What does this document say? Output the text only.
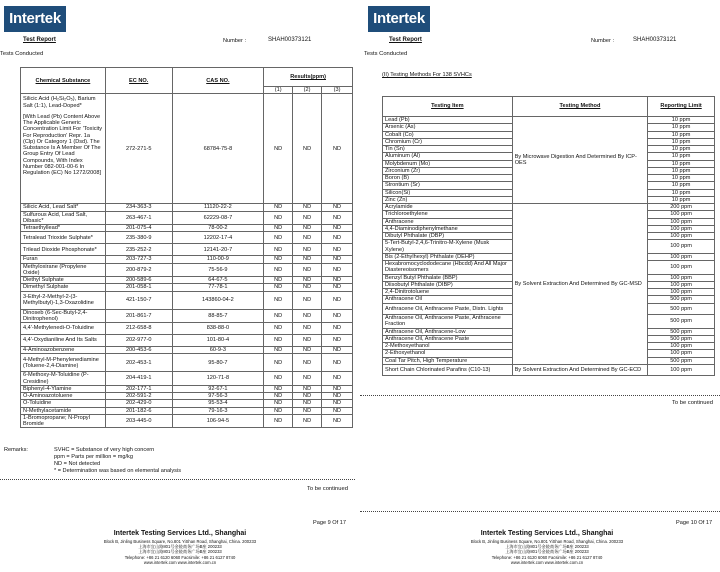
Intertek
Test Report	Number :	SHAH00373121
Tests Conducted
Chemical Substance	EC NO.	CAS NO.	Results(ppm)		
			(1)	(2)	(3)

Silicic Acid (H₂Si₂O₅), Barium Salt (1:1), Lead-Doped*
[With Lead (Pb) Content Above The Applicable Generic Concentration Limit For 'Toxicity For Reproduction' Repr. 1a (Clp) Or Category 1 (Dsd). The Substance Is A Member Of The Group Entry Of Lead Compounds, With Index Number 082-001-00-6 In Regulation (EC) No 1272/2008]	272-271-5	68784-75-8	ND	ND	ND
Silicic Acid, Lead Salt*	234-363-3	11120-22-2	ND	ND	ND
Sulfurous Acid, Lead Salt, Dibasic*	263-467-1	62229-08-7	ND	ND	ND
Tetraethyllead*	201-075-4	78-00-2	ND	ND	ND
Tetralead Trioxide Sulphate*	235-380-9	12202-17-4	ND	ND	ND
Trilead Dioxide Phosphonate*	235-252-2	12141-20-7	ND	ND	ND
Furan	203-727-3	110-00-9	ND	ND	ND
Methyloxirane (Propylene Oxide)	200-879-2	75-56-9	ND	ND	ND
Diethyl Sulphate	200-589-6	64-67-5	ND	ND	ND
Dimethyl Sulphate	201-058-1	77-78-1	ND	ND	ND
3-Ethyl-2-Methyl-2-(3-Methylbutyl)-1,3-Oxazolidine	421-150-7	143860-04-2	ND	ND	ND
Dinoseb (6-Sec-Butyl-2,4-Dinitrophenol)	201-861-7	88-85-7	ND	ND	ND
4,4'-Methylenedi-O-Toluidine	212-658-8	838-88-0	ND	ND	ND
4,4'-Oxydianiline And Its Salts	202-977-0	101-80-4	ND	ND	ND
4-Aminoazobenzene	200-453-6	60-9-3	ND	ND	ND
4-Methyl-M-Phenylenediamine (Toluene-2,4-Diamine)	202-453-1	95-80-7	ND	ND	ND
6-Methoxy-M-Toluidine (P-Cresidine)	204-419-1	120-71-8	ND	ND	ND
Biphenyl-4-Ylamine	202-177-1	92-67-1	ND	ND	ND
O-Aminoazotoluene	202-591-2	97-56-3	ND	ND	ND
O-Toluidine	202-429-0	95-53-4	ND	ND	ND
N-Methylacetamide	201-182-6	79-16-3	ND	ND	ND
1-Bromopropane; N-Propyl Bromide	203-445-0	106-94-5	ND	ND	ND
Remarks:	SVHC = Substance of very high concern
ppm = Parts per million = mg/kg
ND = Not detected
* = Determination was based on elemental analysis
To be continued
Page 9 Of 17
Intertek Testing Services Ltd., Shanghai
Block B, Jinling Business Square, No.801 YiShan Road, Shanghai, China. 200233
上海市宜山路801号金陵商务广场B座 200233
上海市宜山路801号金陵商务广场B座 200233
Telephone: +86 21 6120 6060 Facsimile: +86 21 6127 8740
www.intertek.com www.intertek.com.cn
Intertek
Test Report	Number :	SHAH00373121
Tests Conducted
(II) Testing Methods For 138 SVHCs
Testing Item	Testing Method	Reporting Limit
Lead (Pb)	By Microwave Digestion And Determined By ICP-OES	10 ppm
Arsenic (As)		10 ppm
Cobalt (Co)		10 ppm
Chromium (Cr)		10 ppm
Tin (Sn)		10 ppm
Aluminum (Al)		10 ppm
Molybdenum (Mo)		10 ppm
Zirconium (Zr)		10 ppm
Boron (B)		10 ppm
Strontium (Sr)		10 ppm
Silicon(Si)		10 ppm
Zinc (Zn)		10 ppm
Acrylamide	By Solvent Extraction And Determined By GC-MSD	200 ppm
Trichloroethylene		100 ppm
Anthracene		100 ppm
4,4-Diaminodiphenylmethane		100 ppm
Dibutyl Phthalate (DBP)		100 ppm
5-Tert-Butyl-2,4,6-Trinitro-M-Xylene (Musk Xylene)		100 ppm
Bis (2-Ethylhexyl) Phthalate (DEHP)		100 ppm
Hexabromocyclododecane (Hbcdd) And All Major Diastereoisomers		100 ppm
Benzyl Butyl Phthalate (BBP)		100 ppm
Diisobutyl Phthalate (DIBP)		100 ppm
2,4-Dinitrotoluene		100 ppm
Anthracene Oil		500 ppm
Anthracene Oil, Anthracene Paste, Distn. Lights		500 ppm
Anthracene Oil, Anthracene Paste, Anthracene Fraction		500 ppm
Anthracene Oil, Anthracene-Low		500 ppm
Anthracene Oil, Anthracene Paste		500 ppm
2-Methoxyethanol		100 ppm
2-Ethoxyethanol		100 ppm
Coal Tar Pitch, High Temperature		500 ppm
Short Chain Chlorinated Parafins (C10-13)	By Solvent Extraction And Determined By GC-ECD	100 ppm
To be continued
Page 10 Of 17
Intertek Testing Services Ltd., Shanghai
Block B, Jinling Business Square, No.801 YiShan Road, Shanghai, China. 200233
上海市宜山路801号金陵商务广场B座 200233
上海市宜山路801号金陵商务广场B座 200233
Telephone: +86 21 6120 6060 Facsimile: +86 21 6127 8740
www.intertek.com www.intertek.com.cn
